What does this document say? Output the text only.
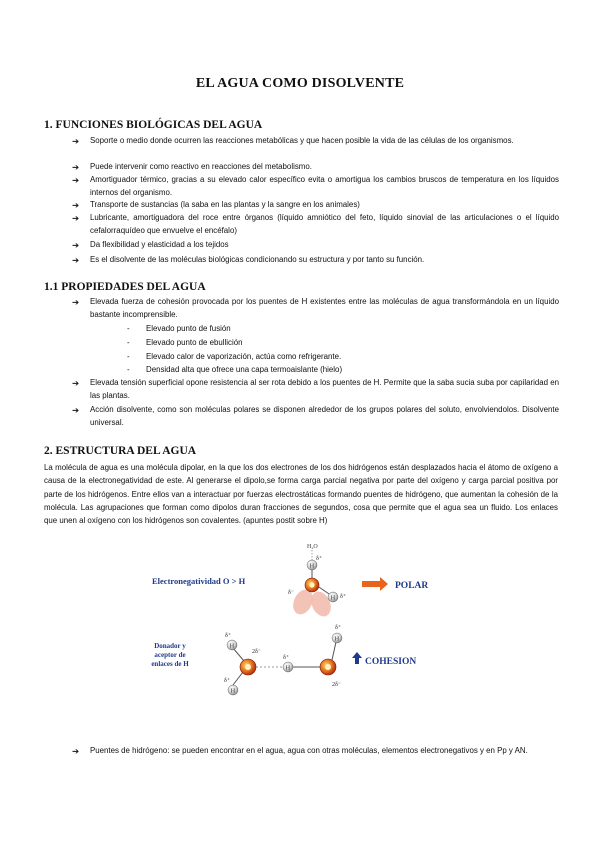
EL AGUA COMO DISOLVENTE
1. FUNCIONES BIOLÓGICAS DEL AGUA
➔ Soporte o medio donde ocurren las reacciones metabólicas y que hacen posible la vida de las células de los organismos.
➔ Puede intervenir como reactivo en reacciones del metabolismo.
➔ Amortiguador térmico, gracias a su elevado calor específico evita o amortigua los cambios bruscos de temperatura en los líquidos internos del organismo.
➔ Transporte de sustancias (la saba en las plantas y la sangre en los animales)
➔ Lubricante, amortiguadora del roce entre órganos (líquido amniótico del feto, líquido sinovial de las articulaciones o el líquido cefalorraquídeo que envuelve el encéfalo)
➔ Da flexibilidad y elasticidad a los tejidos
➔ Es el disolvente de las moléculas biológicas condicionando su estructura y por tanto su función.
1.1 PROPIEDADES DEL AGUA
➔ Elevada fuerza de cohesión provocada por los puentes de H existentes entre las moléculas de agua transformándola en un líquido bastante incomprensible.
- Elevado punto de fusión
- Elevado punto de ebullición
- Elevado calor de vaporización, actúa como refrigerante.
- Densidad alta que ofrece una capa termoaislante (hielo)
➔ Elevada tensión superficial opone resistencia al ser rota debido a los puentes de H. Permite que la saba sucia suba por capilaridad en las plantas.
➔ Acción disolvente, como son moléculas polares se disponen alrededor de los grupos polares del soluto, envolviendolos. Disolvente universal.
2. ESTRUCTURA DEL AGUA
La molécula de agua es una molécula dipolar, en la que los dos electrones de los dos hidrógenos están desplazados hacia el átomo de oxígeno a causa de la electronegatividad de este. Al generarse el dipolo,se forma carga parcial negativa por parte del oxígeno y carga parcial positiva por parte de los hidrógenos. Entre ellos van a interactuar por fuerzas electrostáticas formando puentes de hidrógeno, que aumentan la cohesión de la molécula. Las agrupaciones que forman como dipolos duran fracciones de segundos, cosa que permite que el agua sea un fluido. Los enlaces que unen al oxígeno con los hidrógenos son covalentes. (apuntes postit sobre H)
Electronegatividad O > H
H₂O
H
H
δ⁺
δ⁺
δ⁻
POLAR
Donador y
aceptor de
enlaces de H
H
H
δ⁺
δ⁺
2δ⁻
H
δ⁺
H
δ⁺
2δ⁻
COHESION
➔ Puentes de hidrógeno: se pueden encontrar en el agua, agua con otras moléculas, elementos electronegativos y en Pp y AN.
